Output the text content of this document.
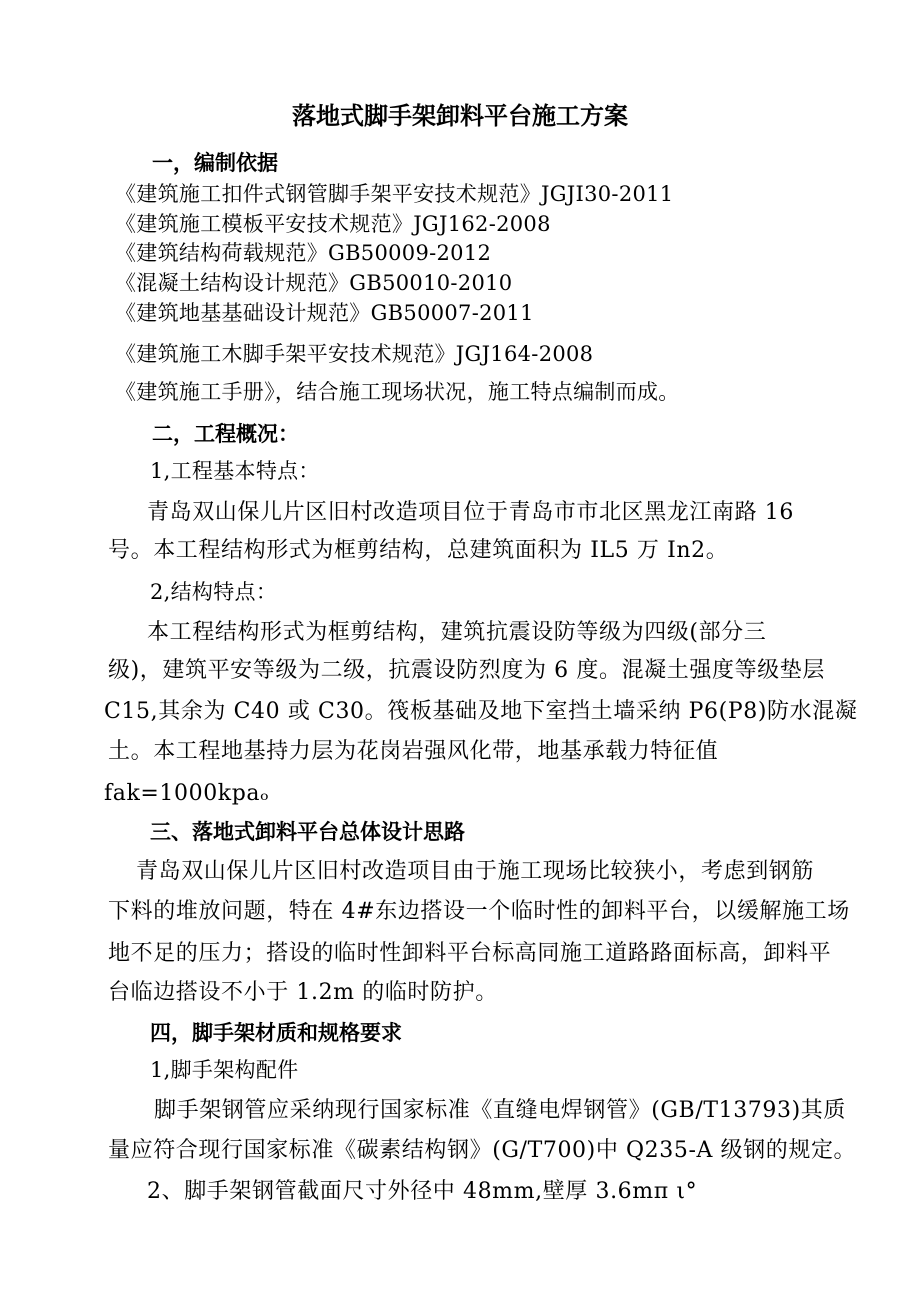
落地式脚手架卸料平台施工方案
一，编制依据
《建筑施工扣件式钢管脚手架平安技术规范》JGJI30-2011
《建筑施工模板平安技术规范》JGJ162-2008
《建筑结构荷载规范》GB50009-2012
《混凝土结构设计规范》GB50010-2010
《建筑地基基础设计规范》GB50007-2011
《建筑施工木脚手架平安技术规范》JGJ164-2008
《建筑施工手册》，结合施工现场状况，施工特点编制而成。
二，工程概况：
1,工程基本特点：
青岛双山保儿片区旧村改造项目位于青岛市市北区黑龙江南路 16
号。本工程结构形式为框剪结构，总建筑面积为 IL5 万 In2。
2,结构特点：
本工程结构形式为框剪结构，建筑抗震设防等级为四级(部分三
级)，建筑平安等级为二级，抗震设防烈度为 6 度。混凝土强度等级垫层
C15,其余为 C40 或 C30。筏板基础及地下室挡土墙采纳 P6(P8)防水混凝
土。本工程地基持力层为花岗岩强风化带，地基承载力特征值
fak=1000kpaₒ
三、落地式卸料平台总体设计思路
青岛双山保儿片区旧村改造项目由于施工现场比较狭小，考虑到钢筋
下料的堆放问题，特在 4#东边搭设一个临时性的卸料平台，以缓解施工场
地不足的压力；搭设的临时性卸料平台标高同施工道路路面标高，卸料平
台临边搭设不小于 1.2m 的临时防护。
四，脚手架材质和规格要求
1,脚手架构配件
脚手架钢管应采纳现行国家标准《直缝电焊钢管》(GB/T13793)其质
量应符合现行国家标准《碳素结构钢》(G/T700)中 Q235-A 级钢的规定。
2、脚手架钢管截面尺寸外径中 48mm,壁厚 3.6mπ ι°
